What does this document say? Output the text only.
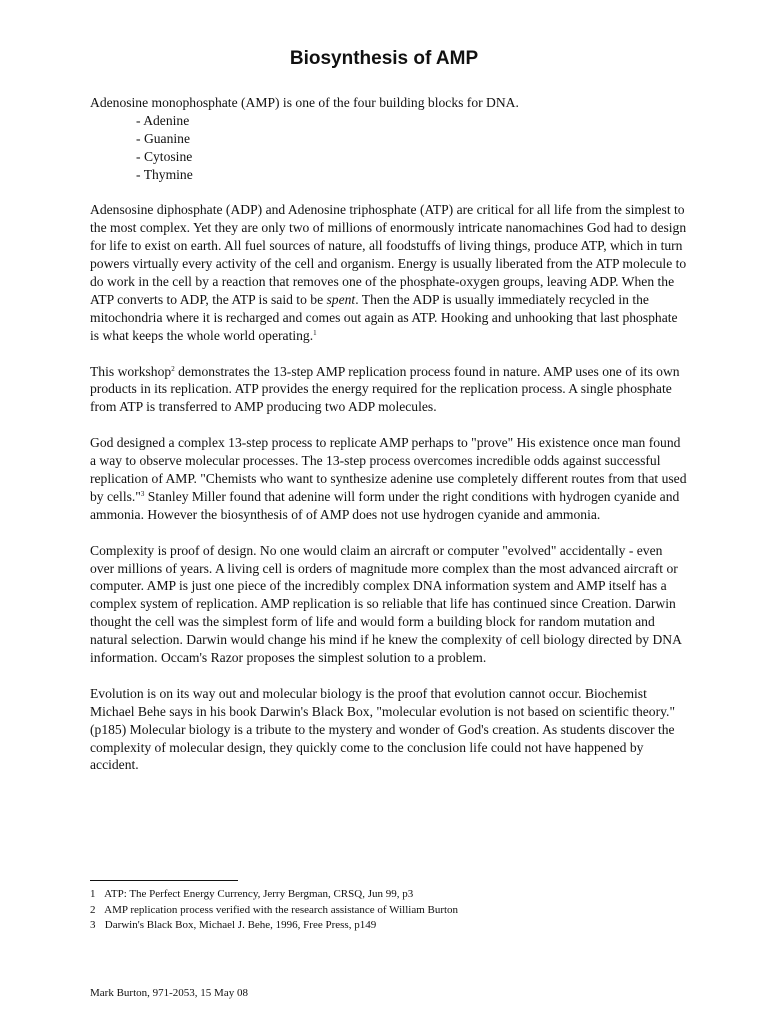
Biosynthesis of AMP
Adenosine monophosphate (AMP) is one of the four building blocks for DNA.
- Adenine
- Guanine
- Cytosine
- Thymine

Adensosine diphosphate (ADP) and Adenosine triphosphate (ATP) are critical for all life from the simplest to the most complex. Yet they are only two of millions of enormously intricate nanomachines God had to design for life to exist on earth. All fuel sources of nature, all foodstuffs of living things, produce ATP, which in turn powers virtually every activity of the cell and organism. Energy is usually liberated from the ATP molecule to do work in the cell by a reaction that removes one of the phosphate-oxygen groups, leaving ADP. When the ATP converts to ADP, the ATP is said to be spent. Then the ADP is usually immediately recycled in the mitochondria where it is recharged and comes out again as ATP. Hooking and unhooking that last phosphate is what keeps the whole world operating.$^1$

This workshop$^2$ demonstrates the 13-step AMP replication process found in nature. AMP uses one of its own products in its replication. ATP provides the energy required for the replication process. A single phosphate from ATP is transferred to AMP producing two ADP molecules.

God designed a complex 13-step process to replicate AMP perhaps to "prove" His existence once man found a way to observe molecular processes. The 13-step process overcomes incredible odds against successful replication of AMP. "Chemists who want to synthesize adenine use completely different routes from that used by cells."$^3$ Stanley Miller found that adenine will form under the right conditions with hydrogen cyanide and ammonia. However the biosynthesis of of AMP does not use hydrogen cyanide and ammonia.

Complexity is proof of design. No one would claim an aircraft or computer "evolved" accidentally - even over millions of years. A living cell is orders of magnitude more complex than the most advanced aircraft or computer. AMP is just one piece of the incredibly complex DNA information system and AMP itself has a complex system of replication. AMP replication is so reliable that life has continued since Creation. Darwin thought the cell was the simplest form of life and would form a building block for random mutation and natural selection. Darwin would change his mind if he knew the complexity of cell biology directed by DNA information. Occam's Razor proposes the simplest solution to a problem.

Evolution is on its way out and molecular biology is the proof that evolution cannot occur. Biochemist Michael Behe says in his book Darwin's Black Box, "molecular evolution is not based on scientific theory." (p185) Molecular biology is a tribute to the mystery and wonder of God's creation. As students discover the complexity of molecular design, they quickly come to the conclusion life could not have happened by accident.

1 ATP: The Perfect Energy Currency, Jerry Bergman, CRSQ, Jun 99, p3
2 AMP replication process verified with the research assistance of William Burton
3 Darwin's Black Box, Michael J. Behe, 1996, Free Press, p149
Mark Burton, 971-2053, 15 May 08
